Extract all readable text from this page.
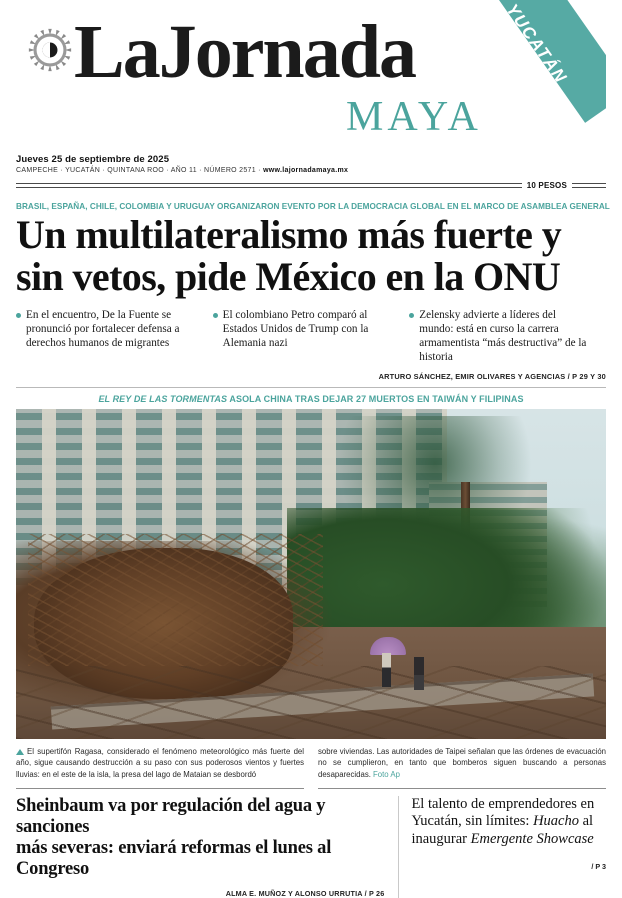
YUCATÁN
LaJornada
MAYA
Jueves 25 de septiembre de 2025
CAMPECHE · YUCATÁN · QUINTANA ROO · AÑO 11 · NÚMERO 2571 · www.lajornadamaya.mx
10 PESOS
BRASIL, ESPAÑA, CHILE, COLOMBIA Y URUGUAY ORGANIZARON EVENTO POR LA DEMOCRACIA GLOBAL EN EL MARCO DE ASAMBLEA GENERAL
Un multilateralismo más fuerte y
sin vetos, pide México en la ONU
En el encuentro, De la Fuente se pronunció por fortalecer defensa a derechos humanos de migrantes
El colombiano Petro comparó al Estados Unidos de Trump con la Alemania nazi
Zelensky advierte a líderes del mundo: está en curso la carrera armamentista “más destructiva” de la historia
ARTURO SÁNCHEZ, EMIR OLIVARES Y AGENCIAS / P 29 Y 30
EL REY DE LAS TORMENTAS ASOLA CHINA TRAS DEJAR 27 MUERTOS EN TAIWÁN Y FILIPINAS
El supertifón Ragasa, considerado el fenómeno meteorológico más fuerte del año, sigue causando destrucción a su paso con sus poderosos vientos y fuertes lluvias: en el este de la isla, la presa del lago de Mataian se desbordó
sobre viviendas. Las autoridades de Taipei señalan que las órdenes de evacuación no se cumplieron, en tanto que bomberos siguen buscando a personas desaparecidas. Foto Ap
Sheinbaum va por regulación del agua y sanciones
más severas: enviará reformas el lunes al Congreso
ALMA E. MUÑOZ Y ALONSO URRUTIA / P 26
El talento de emprendedores en Yucatán, sin límites: Huacho al inaugurar Emergente Showcase
/ P 3
